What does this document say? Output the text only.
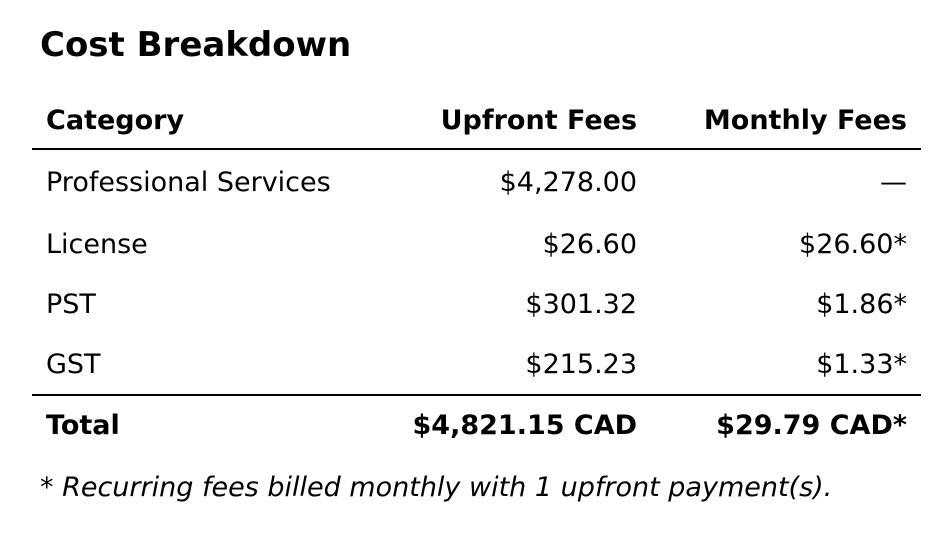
Cost Breakdown
Category	Upfront Fees	Monthly Fees
Professional Services	$4,278.00	—
License	$26.60	$26.60*
PST	$301.32	$1.86*
GST	$215.23	$1.33*
Total	$4,821.15 CAD	$29.79 CAD*

* Recurring fees billed monthly with 1 upfront payment(s).
